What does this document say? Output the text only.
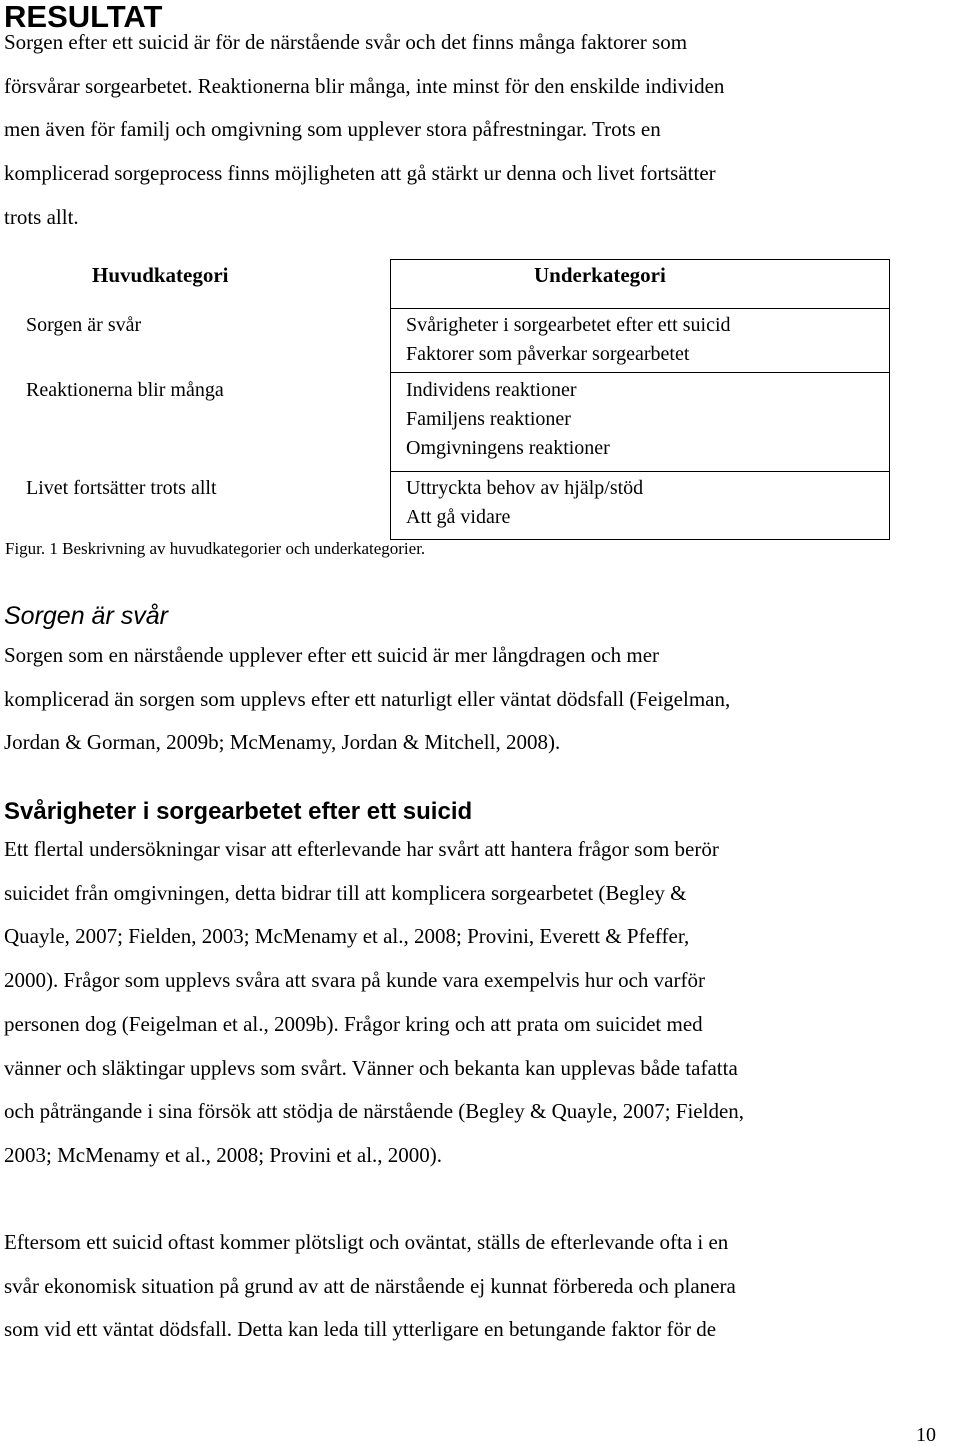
RESULTAT

Sorgen efter ett suicid är för de närstående svår och det finns många faktorer som
försvårar sorgearbetet. Reaktionerna blir många, inte minst för den enskilde individen
men även för familj och omgivning som upplever stora påfrestningar. Trots en
komplicerad sorgeprocess finns möjligheten att gå stärkt ur denna och livet fortsätter
trots allt.

Huvudkategori	Underkategori
Sorgen är svår	Svårigheter i sorgearbetet efter ett suicid
Faktorer som påverkar sorgearbetet
Reaktionerna blir många	Individens reaktioner
Familjens reaktioner
Omgivningens reaktioner
Livet fortsätter trots allt	Uttryckta behov av hjälp/stöd
Att gå vidare
Figur. 1 Beskrivning av huvudkategorier och underkategorier.
Sorgen är svår

Sorgen som en närstående upplever efter ett suicid är mer långdragen och mer
komplicerad än sorgen som upplevs efter ett naturligt eller väntat dödsfall (Feigelman,
Jordan & Gorman, 2009b; McMenamy, Jordan & Mitchell, 2008).

Svårigheter i sorgearbetet efter ett suicid

Ett flertal undersökningar visar att efterlevande har svårt att hantera frågor som berör
suicidet från omgivningen, detta bidrar till att komplicera sorgearbetet (Begley &
Quayle, 2007; Fielden, 2003; McMenamy et al., 2008; Provini, Everett & Pfeffer,
2000). Frågor som upplevs svåra att svara på kunde vara exempelvis hur och varför
personen dog (Feigelman et al., 2009b). Frågor kring och att prata om suicidet med
vänner och släktingar upplevs som svårt. Vänner och bekanta kan upplevas både tafatta
och påträngande i sina försök att stödja de närstående (Begley & Quayle, 2007; Fielden,
2003; McMenamy et al., 2008; Provini et al., 2000).

Eftersom ett suicid oftast kommer plötsligt och oväntat, ställs de efterlevande ofta i en
svår ekonomisk situation på grund av att de närstående ej kunnat förbereda och planera
som vid ett väntat dödsfall. Detta kan leda till ytterligare en betungande faktor för de

10
